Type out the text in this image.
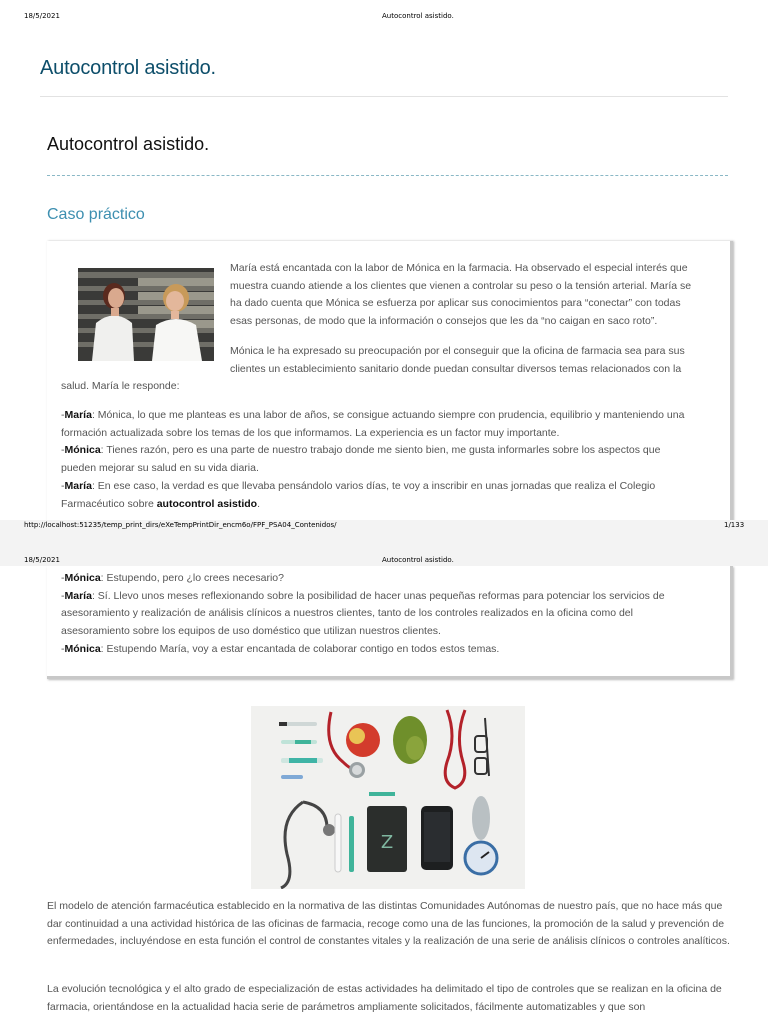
18/5/2021	Autocontrol asistido.
Autocontrol asistido.
Autocontrol asistido.
Caso práctico
María está encantada con la labor de Mónica en la farmacia. Ha observado el especial interés que
muestra cuando atiende a los clientes que vienen a controlar su peso o la tensión arterial. María se
ha dado cuenta que Mónica se esfuerza por aplicar sus conocimientos para “conectar” con todas
esas personas, de modo que la información o consejos que les da “no caigan en saco roto”.
Mónica le ha expresado su preocupación por el conseguir que la oficina de farmacia sea para sus
clientes un establecimiento sanitario donde puedan consultar diversos temas relacionados con la
salud. María le responde:
-María: Mónica, lo que me planteas es una labor de años, se consigue actuando siempre con prudencia, equilibrio y manteniendo una
formación actualizada sobre los temas de los que informamos. La experiencia es un factor muy importante.
-Mónica: Tienes razón, pero es una parte de nuestro trabajo donde me siento bien, me gusta informarles sobre los aspectos que
pueden mejorar su salud en su vida diaria.
-María: En ese caso, la verdad es que llevaba pensándolo varios días, te voy a inscribir en unas jornadas que realiza el Colegio
Farmacéutico sobre autocontrol asistido.
http://localhost:51235/temp_print_dirs/eXeTempPrintDir_encm6o/FPF_PSA04_Contenidos/	1/133
18/5/2021	Autocontrol asistido.
-Mónica: Estupendo, pero ¿lo crees necesario?
-María: Sí. Llevo unos meses reflexionando sobre la posibilidad de hacer unas pequeñas reformas para potenciar los servicios de
asesoramiento y realización de análisis clínicos a nuestros clientes, tanto de los controles realizados en la oficina como del
asesoramiento sobre los equipos de uso doméstico que utilizan nuestros clientes.
-Mónica: Estupendo María, voy a estar encantada de colaborar contigo en todos estos temas.
Z

El modelo de atención farmacéutica establecido en la normativa de las distintas Comunidades Autónomas de nuestro país, que no hace más que dar continuidad a una actividad histórica de las oficinas de farmacia, recoge como una de las funciones, la promoción de la salud y prevención de enfermedades, incluyéndose en esta función el control de constantes vitales y la realización de una serie de análisis clínicos o controles analíticos.

La evolución tecnológica y el alto grado de especialización de estas actividades ha delimitado el tipo de controles que se realizan en la oficina de farmacia, orientándose en la actualidad hacia serie de parámetros ampliamente solicitados, fácilmente automatizables y que son
